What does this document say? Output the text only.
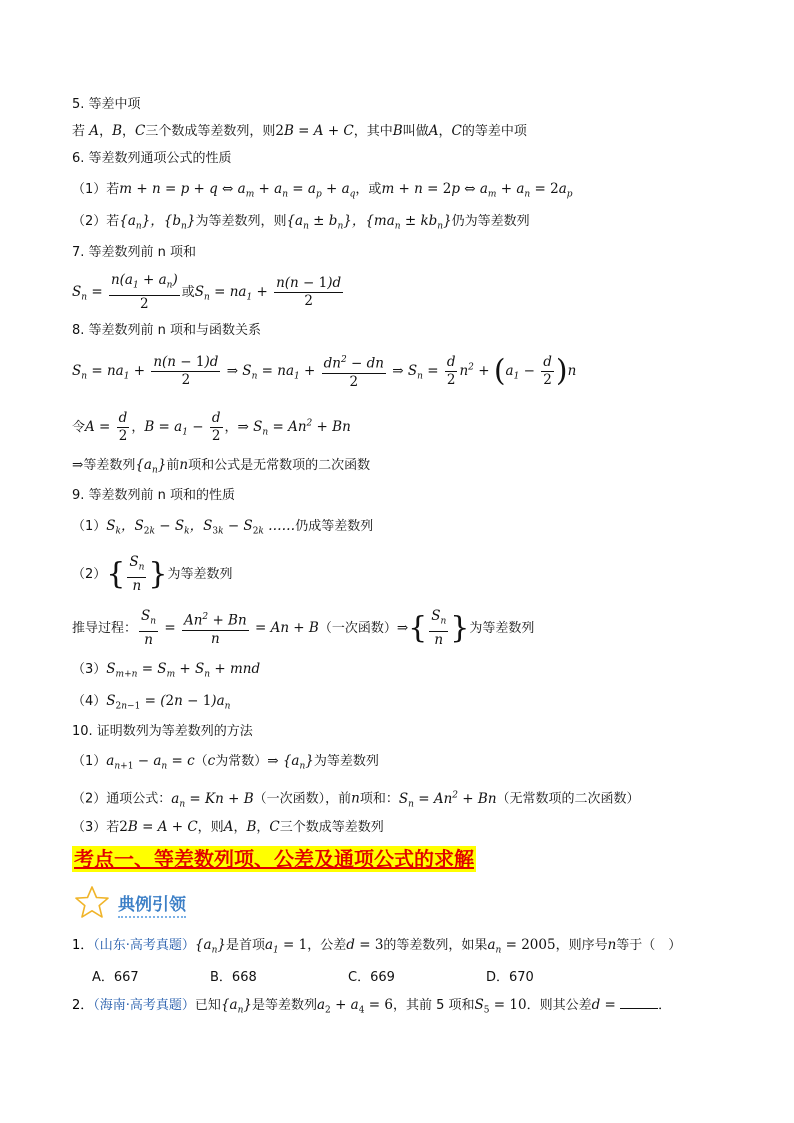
5. 等差中项
若 A，B，C三个数成等差数列，则2B = A + C，其中B叫做A，C的等差中项
6. 等差数列通项公式的性质
（1）若m + n = p + q ⇔ $a_m + a_n = a_p + a_q$，或m + n = 2p ⇔ $a_m + a_n = 2a_p$
（2）若$\{a_n\}$，$\{b_n\}$为等差数列，则$\{a_n \pm b_n\}$，$\{ma_n \pm kb_n\}$仍为等差数列
7. 等差数列前 n 项和
$S_n = \frac{n(a_1 + a_n)}{2}$ 或$S_n = na_1 + \frac{n(n - 1)d}{2}$
8. 等差数列前 n 项和与函数关系
$S_n = na_1 + \frac{n(n - 1)d}{2}$ ⇒ $S_n = na_1 + \frac{dn^2 - dn}{2}$ ⇒ $S_n = \frac{d}{2} n^2 + (a_1 - \frac{d}{2} )n$
令$A = \frac{d}{2}$ ，$B = a_1 - \frac{d}{2}$ ，⇒ $S_n = An^2 + Bn$
⇒等差数列$\{a_n\}$前n项和公式是无常数项的二次函数
9. 等差数列前 n 项和的性质
$(1)S_k$，$S_{2k} - S_k$，$S_{3k} - S_{2k}$ ……仍成等差数列
$(2)\{ \frac{S_n}{n}$ }为等差数列
推导过程： $\frac{S_n}{n} = \frac{An^2 + Bn}{n} = An + B$（一次函数）⇒{ $\frac{S_n}{n}$ }为等差数列
$(3)S_{m+n} = S_m + S_n$ + mnd
$(4)S_{2n-1} = (2n - 1)a_n$
10. 证明数列为等差数列的方法
$(1)a_{n+1} - a_n = c(c$为常数）⇒ $\{a_n\}$为等差数列
（2）通项公式：$a_n = Kn + B$（一次函数），前n项和：$S_n = An^2 + Bn$（无常数项的二次函数）
（3）若2B = A + C，则A，B，C三个数成等差数列
考点一、等差数列项、公差及通项公式的求解
典例引领
1．（山东·高考真题）$\{a_n\}$是首项$a_1 = 1$，公差d = 3的等差数列，如果$a_n = 2005$，则序号n等于（　）
A．667	B．668	C．669	D．670
2．（海南·高考真题）已知$\{a_n\}$是等差数列$a_2 + a_4 = 6$，其前 5 项和$S_5 = 10$．则其公差d =	．
